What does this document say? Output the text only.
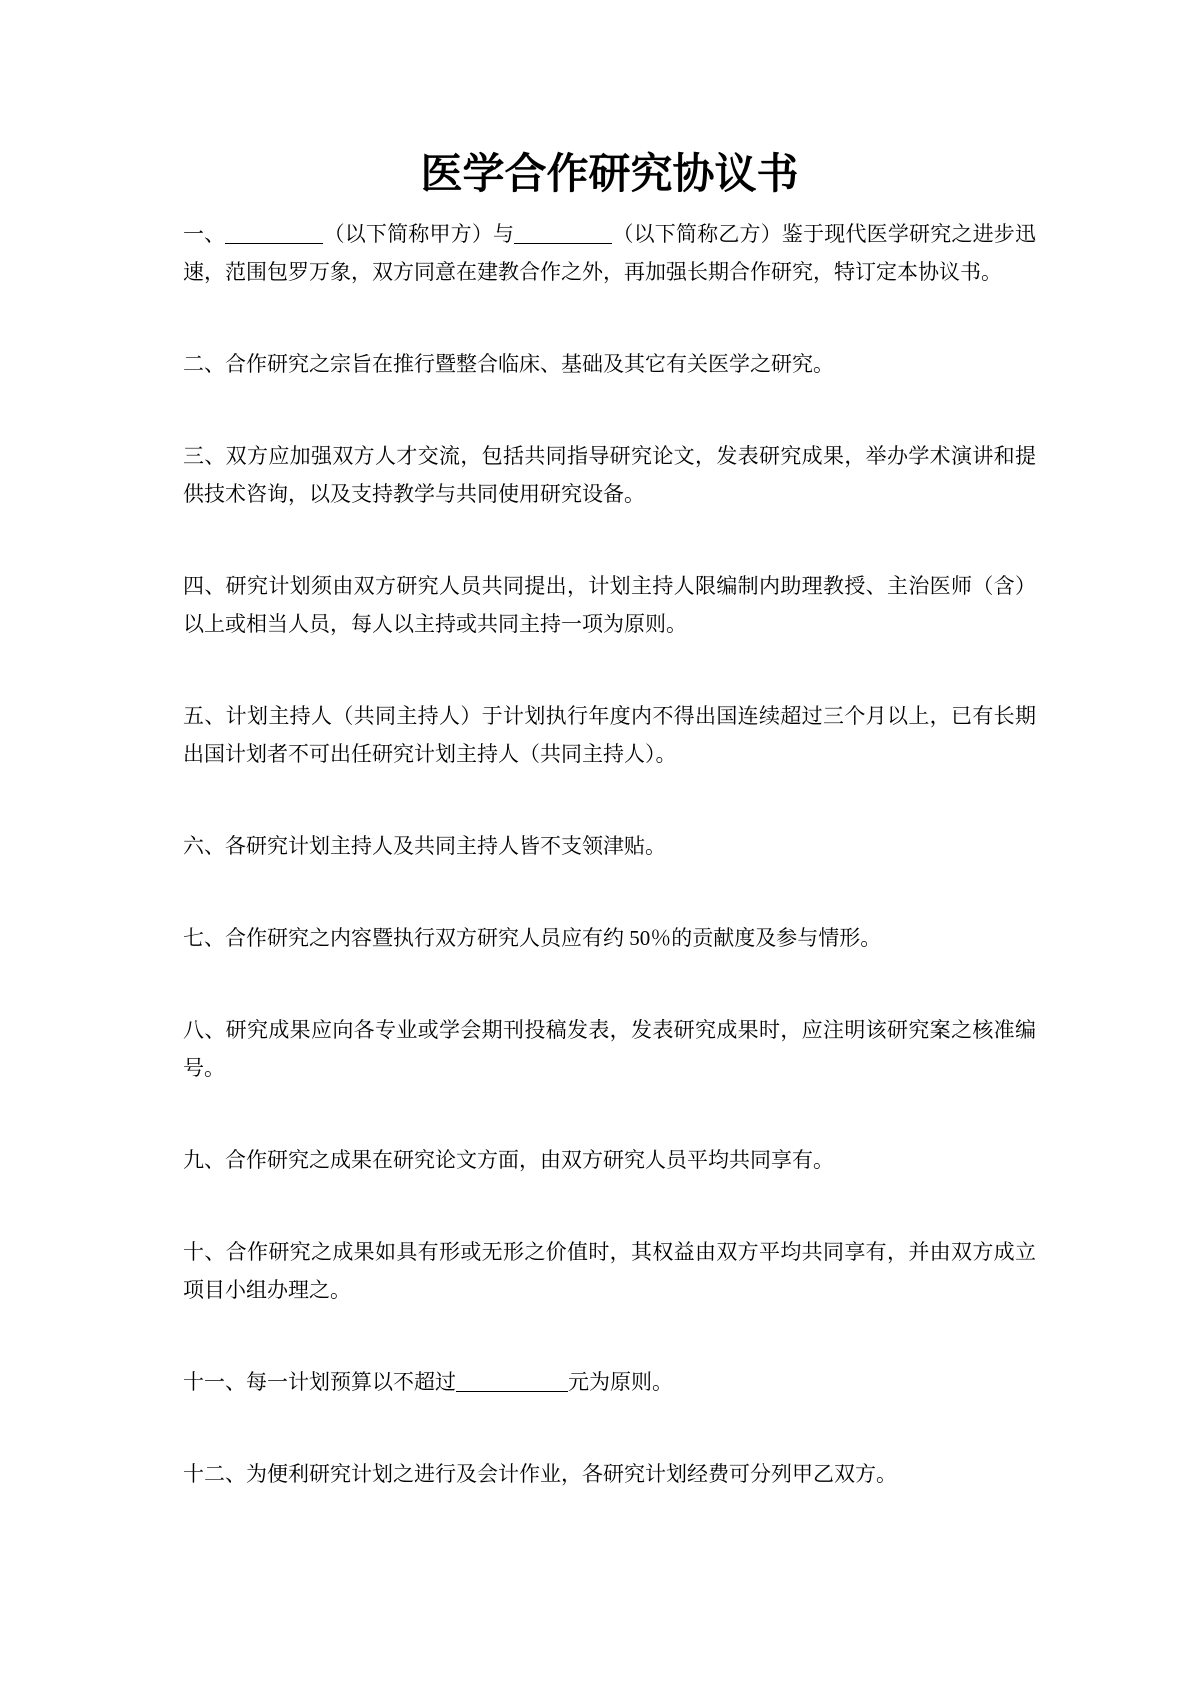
医学合作研究协议书

一、	（以下简称甲方）与	（以下简称乙方）鉴于现代医学研究之进步迅速，范围包罗万象，双方同意在建教合作之外，再加强长期合作研究，特订定本协议书。

二、合作研究之宗旨在推行暨整合临床、基础及其它有关医学之研究。

三、双方应加强双方人才交流，包括共同指导研究论文，发表研究成果，举办学术演讲和提供技术咨询，以及支持教学与共同使用研究设备。

四、研究计划须由双方研究人员共同提出，计划主持人限编制内助理教授、主治医师（含）以上或相当人员，每人以主持或共同主持一项为原则。

五、计划主持人（共同主持人）于计划执行年度内不得出国连续超过三个月以上，已有长期出国计划者不可出任研究计划主持人（共同主持人）。

六、各研究计划主持人及共同主持人皆不支领津贴。

七、合作研究之内容暨执行双方研究人员应有约 50％的贡献度及参与情形。

八、研究成果应向各专业或学会期刊投稿发表，发表研究成果时，应注明该研究案之核准编号。

九、合作研究之成果在研究论文方面，由双方研究人员平均共同享有。

十、合作研究之成果如具有形或无形之价值时，其权益由双方平均共同享有，并由双方成立项目小组办理之。

十一、每一计划预算以不超过	元为原则。

十二、为便利研究计划之进行及会计作业，各研究计划经费可分列甲乙双方。
